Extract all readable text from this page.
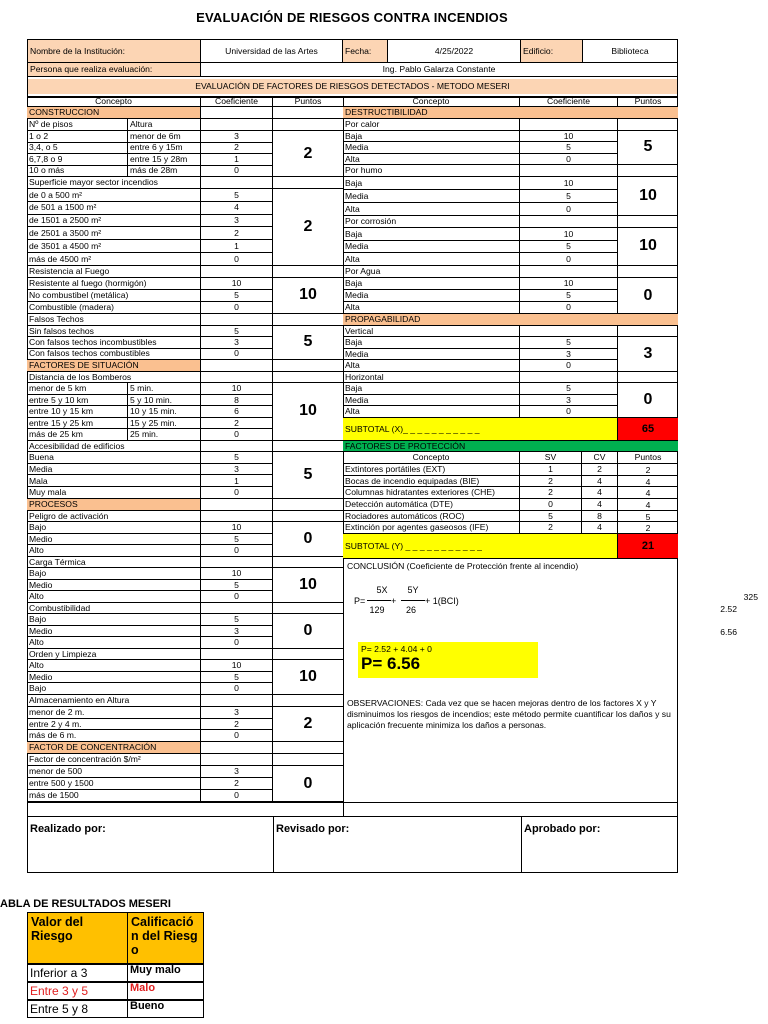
EVALUACIÓN DE RIESGOS CONTRA INCENDIOS
Nombre de la Institución:	Universidad de las Artes	Fecha:	4/25/2022	Edificio:	Biblioteca
Persona que realiza evaluación:	Ing. Pablo Galarza Constante
EVALUACIÓN DE FACTORES DE RIESGOS DETECTADOS - METODO MESERI
CONCLUSIÓN (Coeficiente de Protección frente al incendio)
P=
5X
129
+
5Y
26
+ 1(BCI)	325
2.52
6.56
P= 2.52 + 4.04 + 0
P= 6.56
OBSERVACIONES: Cada vez que se hacen mejoras dentro de los factores X y Y disminuimos los riesgos de incendios; este método permite cuantificar los daños y su aplicación frecuente minimiza los daños a personas.
Realizado por:	Revisado por:	Aprobado por:
ABLA DE RESULTADOS MESERI
Valor del Riesgo
Calificación del Riesgo
Concepto	Coeficiente	Puntos
CONSTRUCCION
Nº de pisos	Altura
1 o 2	menor de 6m	3
3,4, o 5	entre 6 y 15m	2
6,7,8 o 9	entre 15 y 28m	1
10 o más	más de 28m	0
2
Superficie mayor sector incendios
de 0 a 500 m²	5
de 501 a 1500 m²	4
de 1501 a 2500 m²	3
de 2501 a 3500 m²	2
de 3501 a 4500 m²	1
más de 4500 m²	0
2
Resistencia al Fuego
Resistente al fuego (hormigón)	10
No combustibel (metálica)	5
Combustible (madera)	0
10
Falsos Techos
Sin falsos techos	5
Con falsos techos incombustibles	3
Con falsos techos combustibles	0
5
FACTORES DE SITUACIÓN
Distancia de los Bomberos
menor de 5 km	5 min.	10
entre 5 y 10 km	5 y 10 min.	8
entre 10 y 15 km	10 y 15 min.	6
entre 15 y 25 km	15 y 25 min.	2
más de 25 km	25 min.	0
10
Accesibilidad de edificios
Buena	5
Media	3
Mala	1
Muy mala	0
5
PROCESOS
Peligro de activación
Bajo	10
Medio	5
Alto	0
0
Carga Térmica
Bajo	10
Medio	5
Alto	0
10
Combustibilidad
Bajo	5
Medio	3
Alto	0
0
Orden y Limpieza
Alto	10
Medio	5
Bajo	0
10
Almacenamiento en Altura
menor de 2 m.	3
entre 2 y 4 m.	2
más de 6 m.	0
2
FACTOR DE CONCENTRACIÓN
Factor de concentración $/m²
menor de 500	3
entre 500 y 1500	2
más de 1500	0
0
Concepto	Coeficiente	Puntos
DESTRUCTIBILIDAD
Por calor
Baja	10
Media	5
Alta	0
5
Por humo
Baja	10
Media	5
Alta	0
10
Por corrosión
Baja	10
Media	5
Alta	0
10
Por Agua
Baja	10
Media	5
Alta	0
0
PROPAGABILIDAD
Vertical
Baja	5
Media	3
Alta	0
3
Horizontal
Baja	5
Media	3
Alta	0
0
SUBTOTAL (X)_ _ _ _ _ _ _ _ _ _ _	65
FACTORES DE PROTECCIÓN
Concepto	SV	CV	Puntos
Extintores portátiles (EXT)	1	2	2
Bocas de incendio equipadas (BIE)	2	4	4
Columnas hidratantes exteriores (CHE)	2	4	4
Detección automática (DTE)	0	4	4
Rociadores automáticos (ROC)	5	8	5
Extinción por agentes gaseosos (IFE)	2	4	2
SUBTOTAL (Y) _ _ _ _ _ _ _ _ _ _ _	21
Inferior a 3	Muy malo
Entre 3 y 5	Malo
Entre 5 y 8	Bueno
